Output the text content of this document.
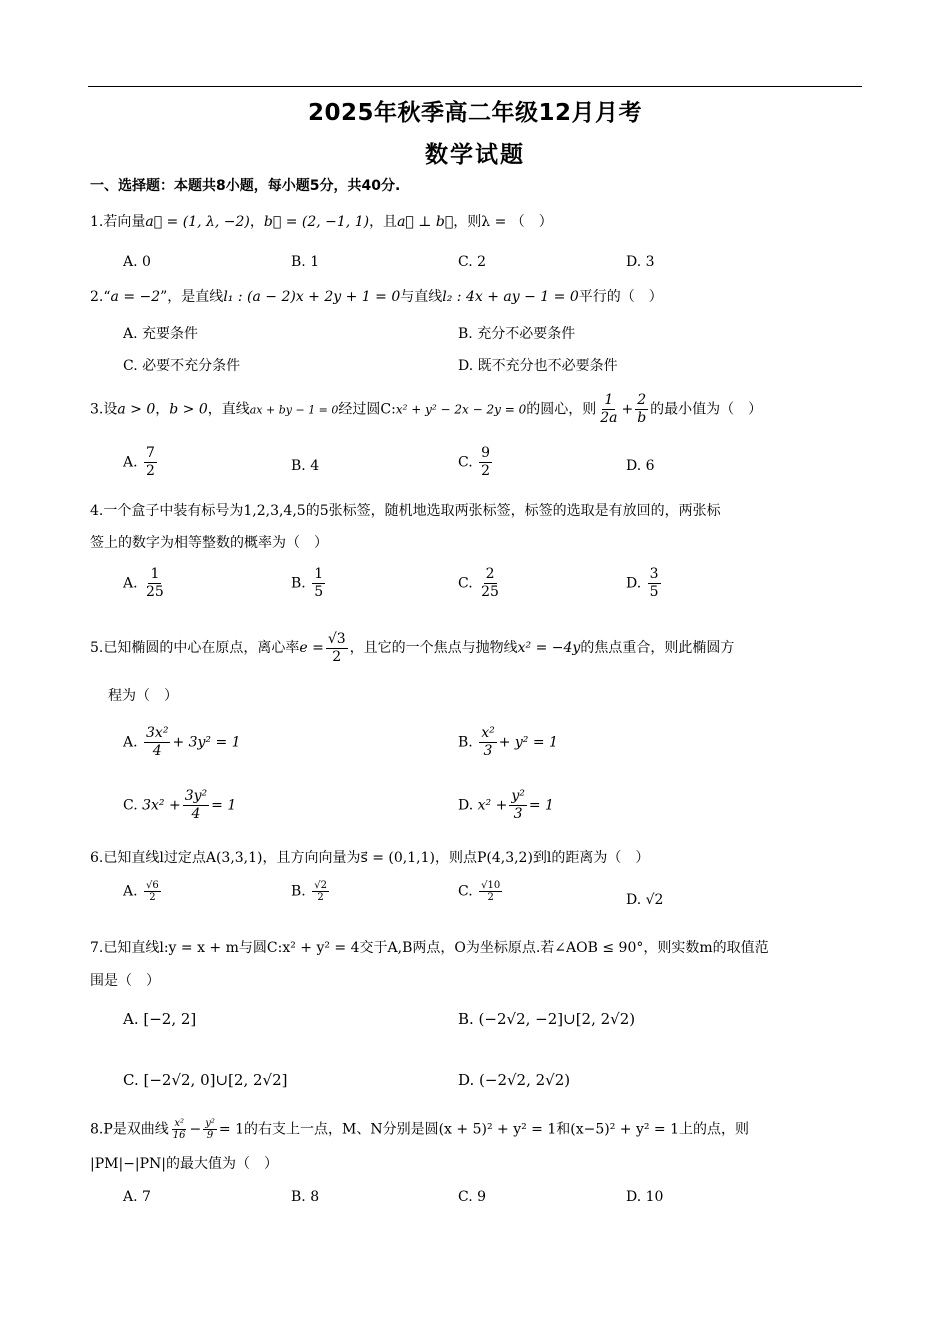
2025年秋季高二年级12月月考
数学试题
一、选择题：本题共8小题，每小题5分，共40分.
1.若向量a⃗ = (1, λ, −2)，b⃗ = (2, −1, 1)，且a⃗ ⊥ b⃗，则λ = （　）
A. 0	B. 1	C. 2	D. 3
2.“a = −2”，是直线l₁ : (a − 2)x + 2y + 1 = 0与直线l₂ : 4x + ay − 1 = 0平行的（　）
A. 充要条件	B. 充分不必要条件
C. 必要不充分条件	D. 既不充分也不必要条件
3.设a > 0，b > 0，直线ax + by − 1 = 0经过圆C:x² + y² − 2x − 2y = 0的圆心，则 $\frac{1}{2a} + \frac{2}{b}$ 的最小值为（　）
A. $\frac{7}{2}$	B. 4	C. $\frac{9}{2}$	D. 6
4.一个盒子中装有标号为1,2,3,4,5的5张标签，随机地选取两张标签，标签的选取是有放回的，两张标
签上的数字为相等整数的概率为（　）
A. $\frac{1}{25}$	B. $\frac{1}{5}$	C. $\frac{2}{25}$	D. $\frac{3}{5}$
5.已知椭圆的中心在原点，离心率$e = \frac{√3}{2}$ ，且它的一个焦点与抛物线x² = −4y的焦点重合，则此椭圆方
程为（　）
A. $\frac{\text{3x²}}{4} + 3y^2 = 1$	B. $\frac{\text{x²}}{3} + y^2 = 1$
C. $3x^2 + \frac{\text{3y²}}{4} = 1$	D. $x^2 + \frac{\text{y²}}{3} = 1$
6.已知直线l过定点A(3,3,1)，且方向向量为s⃗ = (0,1,1)，则点P(4,3,2)到l的距离为（　）
A. $\frac{√6}{2}$	B. $\frac{√2}{2}$	C. $\frac{√10}{2}$	D. √2
7.已知直线l:y = x + m与圆C:x² + y² = 4交于A,B两点，O为坐标原点.若∠AOB ≤ 90°，则实数m的取值范
围是（　）
A. [−2, 2]	B. (−2√2, −2]∪[2, 2√2)
C. [−2√2, 0]∪[2, 2√2]	D. (−2√2, 2√2)
8.P是双曲线 $\frac{\text{x²}}{16} - \frac{\text{y²}}{9} = 1$的右支上一点，M、N分别是圆(x + 5)² + y² = 1和(x−5)² + y² = 1上的点，则
|PM|−|PN|的最大值为（　）
A. 7	B. 8	C. 9	D. 10
